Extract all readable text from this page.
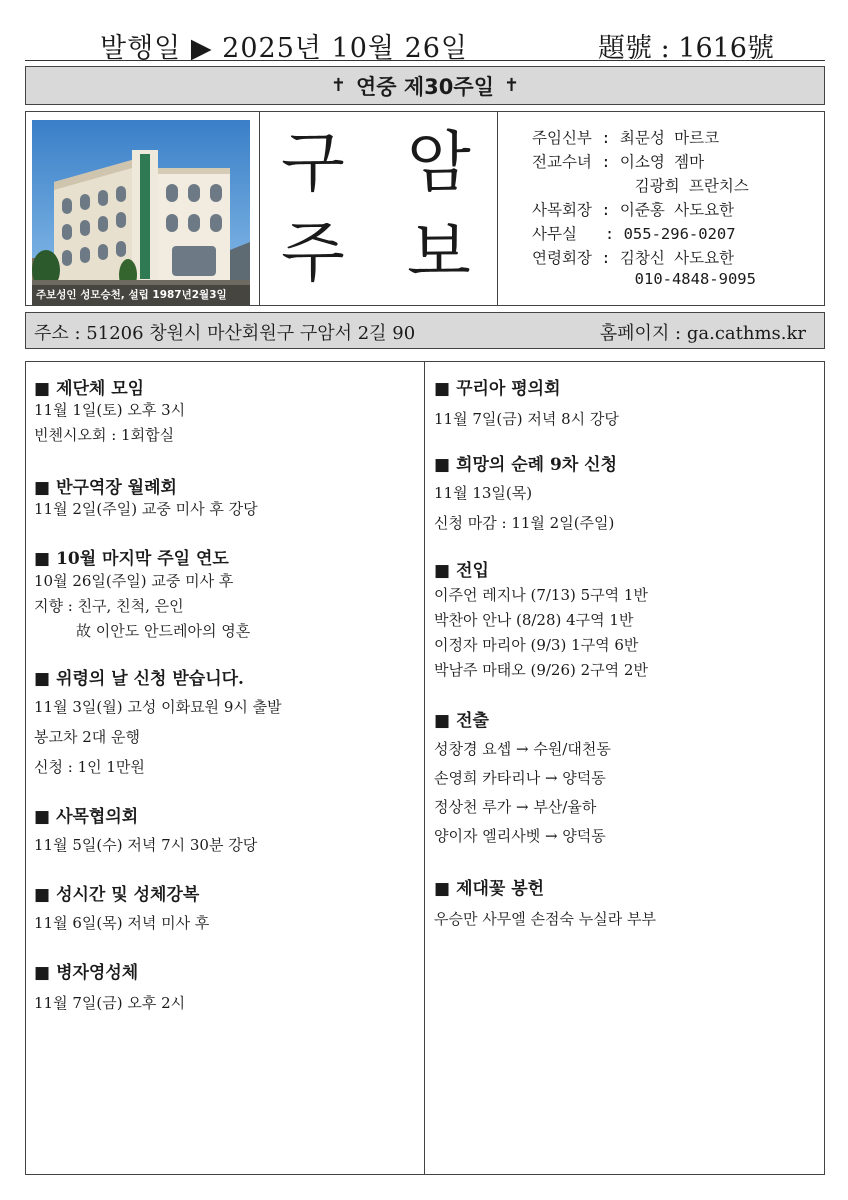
발행일 ▶ 2025년 10월 26일	題號 : 1616號
✝ 연중 제30주일 ✝
주보성인 성모승천, 설립 1987년2월3일
구 암
주 보
주임신부 : 최문성 마르코
전교수녀 : 이소영 젬마
김광희 프란치스
사목회장 : 이준홍 사도요한
사무실   : 055-296-0207
연령회장 : 김창신 사도요한
010-4848-9095
주소 : 51206 창원시 마산회원구 구암서 2길 90	홈페이지 : ga.cathms.kr
■ 제단체 모임
11월 1일(토) 오후 3시
빈첸시오회 : 1회합실
■ 반구역장 월례회
11월 2일(주일) 교중 미사 후 강당
■ 10월 마지막 주일 연도
10월 26일(주일) 교중 미사 후
지향 : 친구, 친척, 은인
故 이안도 안드레아의 영혼
■ 위령의 날 신청 받습니다.
11월 3일(월) 고성 이화묘원 9시 출발
봉고차 2대 운행
신청 : 1인 1만원
■ 사목협의회
11월 5일(수) 저녁 7시 30분 강당
■ 성시간 및 성체강복
11월 6일(목) 저녁 미사 후
■ 병자영성체
11월 7일(금) 오후 2시
■ 꾸리아 평의회
11월 7일(금) 저녁 8시 강당
■ 희망의 순례 9차 신청
11월 13일(목)
신청 마감 : 11월 2일(주일)
■ 전입
이주언 레지나 (7/13) 5구역 1반
박찬아 안나 (8/28) 4구역 1반
이정자 마리아 (9/3) 1구역 6반
박남주 마태오 (9/26) 2구역 2반
■ 전출
성창경 요셉 → 수원/대천동
손영희 카타리나 → 양덕동
정상천 루가 → 부산/율하
양이자 엘리사벳 → 양덕동
■ 제대꽃 봉헌
우승만 사무엘 손점숙 누실라 부부
